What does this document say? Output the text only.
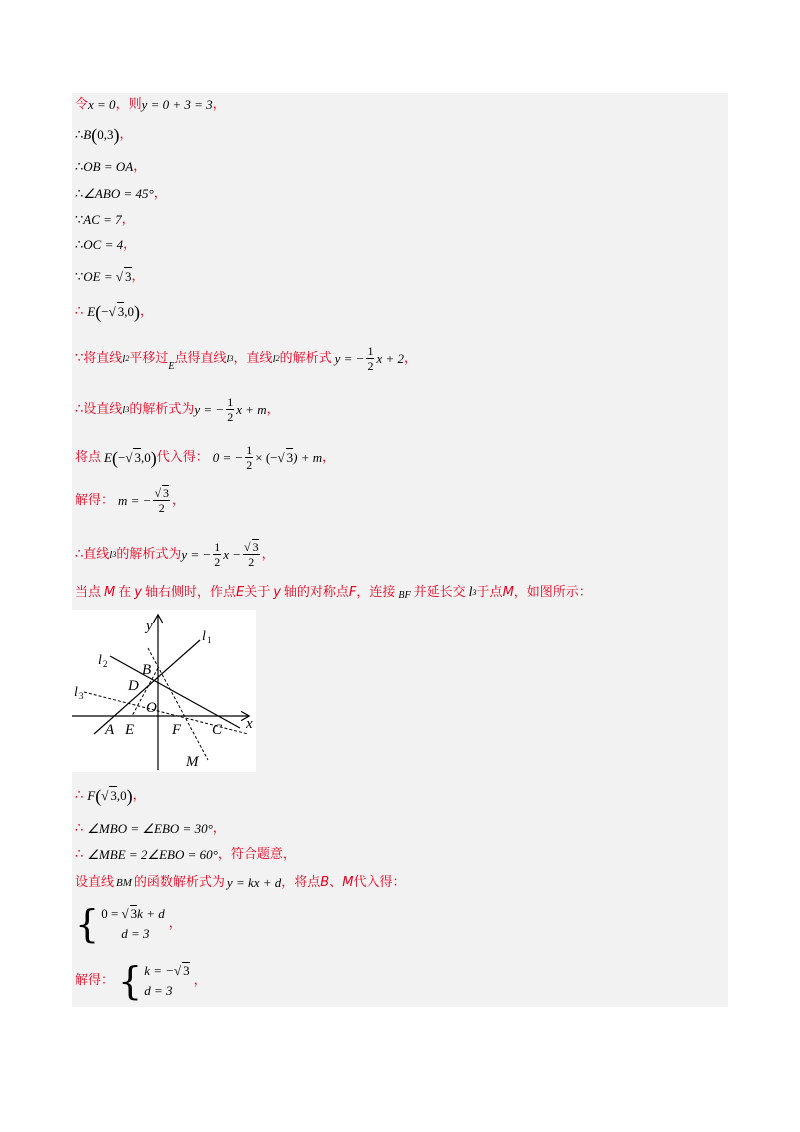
令 x = 0 ，则 y = 0 + 3 = 3 ，
∴ B ( 0,3 ) ，
∴ OB = OA ，
∴ ∠ABO = 45° ，
∵ AC = 7 ，
∴ OC = 4 ，
∵ OE = √ 3 ，
∴ E ( − √ 3 ,0 ) ，
∵将直线 l 2 平移过
E
点得直线 l 3 ，直线 l 2 的解析式 y = − $\frac{1}{2}$ x + 2 ，
∴设直线 l 3 的解析式为 y = − $\frac{1}{2}$ x + m ，
将点 E ( − √ 3 ,0 ) 代入得： 0 = − $\frac{1}{2}$ × (− √ 3 ) + m ，
解得： m = − $\frac{√ 3}{2}$ ，
∴直线 l 3 的解析式为 y = − $\frac{1}{2}$ $x - \frac{√ 3}{2}$ ，
当点 M 在 y 轴右侧时，作点 E 关于 y 轴的对称点 F ，连接 BF 并延长交 l 3 于点 M ，如图所示：
y
x
l 1
l 2
l 3
B
D
O
A E	F C
M
∴ F ( √ 3 ,0 ) ，
∴ ∠MBO = ∠EBO = 30° ，
∴ ∠MBE = 2∠EBO = 60° ，符合题意，
设直线 BM 的函数解析式为 y = kx + d ，将点 B 、 M 代入得：
{ 0 = √ 3k + d
d = 3
，
解得： { k = −√ 3
d = 3
，
